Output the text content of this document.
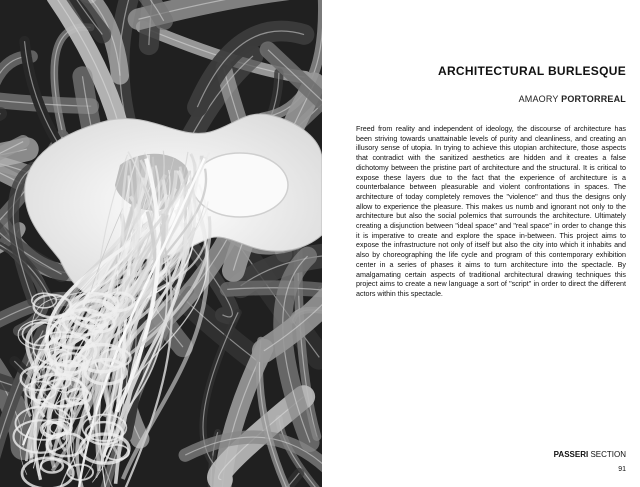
ARCHITECTURAL BURLESQUE
AMAORY PORTORREAL

Freed from reality and independent of ideology, the discourse of architecture has been striving towards unattainable levels of purity and cleanliness, and creating an illusory sense of utopia. In trying to achieve this utopian architecture, those aspects that contradict with the sanitized aesthetics are hidden and it creates a false dichotomy between the pristine part of architecture and the structural. It is critical to expose these layers due to the fact that the experience of architecture is a counterbalance between pleasurable and violent confrontations in spaces. The architecture of today completely removes the "violence" and thus the designs only allow to experience the pleasure. This makes us numb and ignorant not only to the architecture but also the social polemics that surrounds the architecture. Ultimately creating a disjunction between "ideal space" and "real space" in order to change this it is imperative to create and explore the space in-between. This project aims to expose the infrastructure not only of itself but also the city into which it inhabits and also by choreographing the life cycle and program of this contemporary exhibition center in a series of phases it aims to turn architecture into the spectacle. By amalgamating certain aspects of traditional architectural drawing techniques this project aims to create a new language a sort of "script" in order to direct the different actors within this spectacle.

PASSERI SECTION
91
